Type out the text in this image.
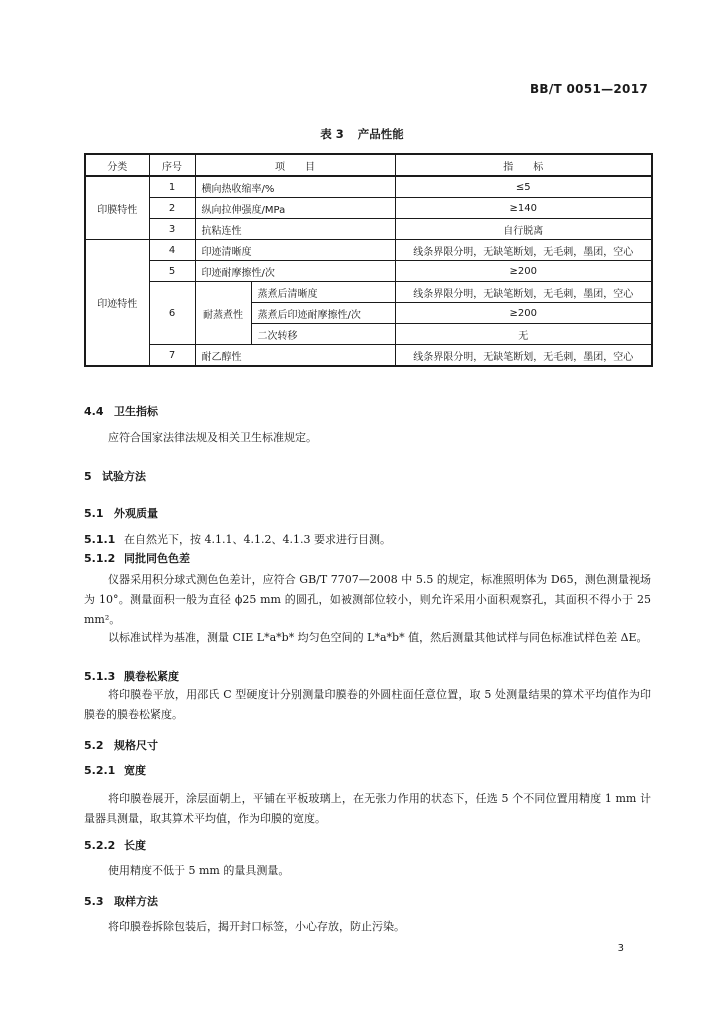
BB/T 0051—2017
表 3 产品性能
分类	序号	项　　目		指　　标
印膜特性	1	横向热收缩率/%		≤5
	2	纵向拉伸强度/MPa		≥140
	3	抗粘连性		自行脱离
印迹特性	4	印迹清晰度		线条界限分明，无缺笔断划，无毛刺，墨团，空心
	5	印迹耐摩擦性/次		≥200
	6	耐蒸煮性	蒸煮后清晰度	线条界限分明，无缺笔断划，无毛刺，墨团，空心
			蒸煮后印迹耐摩擦性/次	≥200
			二次转移	无
	7	耐乙醇性		线条界限分明，无缺笔断划，无毛刺，墨团，空心
4.4 卫生指标
应符合国家法律法规及相关卫生标准规定。
5 试验方法
5.1 外观质量
5.1.1 在自然光下，按 4.1.1、4.1.2、4.1.3 要求进行目测。
5.1.2 同批同色色差
仪器采用积分球式测色色差计，应符合 GB/T 7707—2008 中 5.5 的规定，标准照明体为 D65，测色测量视场为 10°。测量面积一般为直径 ϕ25 mm 的圆孔，如被测部位较小，则允许采用小面积观察孔，其面积不得小于 25 mm²。
以标准试样为基准，测量 CIE L*a*b* 均匀色空间的 L*a*b* 值，然后测量其他试样与同色标准试样色差 ΔE。
5.1.3 膜卷松紧度
将印膜卷平放，用邵氏 C 型硬度计分别测量印膜卷的外圆柱面任意位置，取 5 处测量结果的算术平均值作为印膜卷的膜卷松紧度。
5.2 规格尺寸
5.2.1 宽度
将印膜卷展开，涂层面朝上，平铺在平板玻璃上，在无张力作用的状态下，任选 5 个不同位置用精度 1 mm 计量器具测量，取其算术平均值，作为印膜的宽度。
5.2.2 长度
使用精度不低于 5 mm 的量具测量。
5.3 取样方法
将印膜卷拆除包装后，揭开封口标签，小心存放，防止污染。
3
